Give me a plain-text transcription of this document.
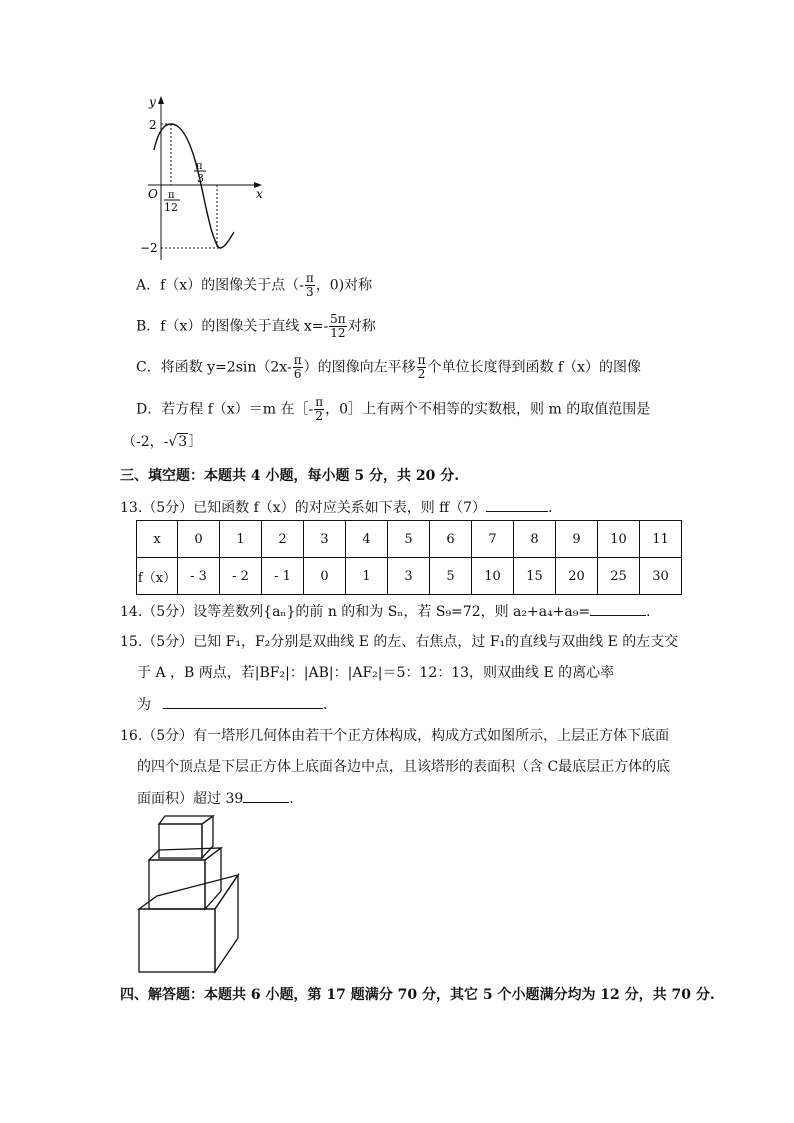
y
x
O
2
−2
π
12
π
3
A．f（x）的图像关于点（- $\frac{\pi}{3}$ ，0)对称
B．f（x）的图像关于直线 $x=- \frac{5\pi}{12}$ 对称
C．将函数 $y=2\sin(2x- \frac{\pi}{6}$ ）的图像向左平移 $\frac{\pi}{2}$ 个单位长度得到函数 f（x）的图像
D．若方程 f（x）＝m 在［- $\frac{\pi}{2}$ ，0］上有两个不相等的实数根，则 m 的取值范围是
（-2，-√3］
三、填空题：本题共 4 小题，每小题 5 分，共 20 分.
13.（5分）已知函数 f（x）的对应关系如下表，则 ff（7）	.
x	0	1	2	3	4	5	6	7	8	9	10	11
f（x）	- 3	- 2	- 1	0	1	3	5	10	15	20	25	30
14.（5分）设等差数列{aₙ}的前 n 的和为 Sₙ，若 S₉=72，则 a₂+a₄+a₉=	.
15.（5分）已知 F₁，F₂分别是双曲线 E 的左、右焦点，过 F₁的直线与双曲线 E 的左支交
于 A ，B 两点，若|BF₂|：|AB|：|AF₂|＝5：12：13，则双曲线 E 的离心率
为	.
16.（5分）有一塔形几何体由若干个正方体构成，构成方式如图所示，上层正方体下底面
的四个顶点是下层正方体上底面各边中点，且该塔形的表面积（含 C最底层正方体的底
面面积）超过 39	.
四、解答题：本题共 6 小题，第 17 题满分 70 分，其它 5 个小题满分均为 12 分，共 70 分.
